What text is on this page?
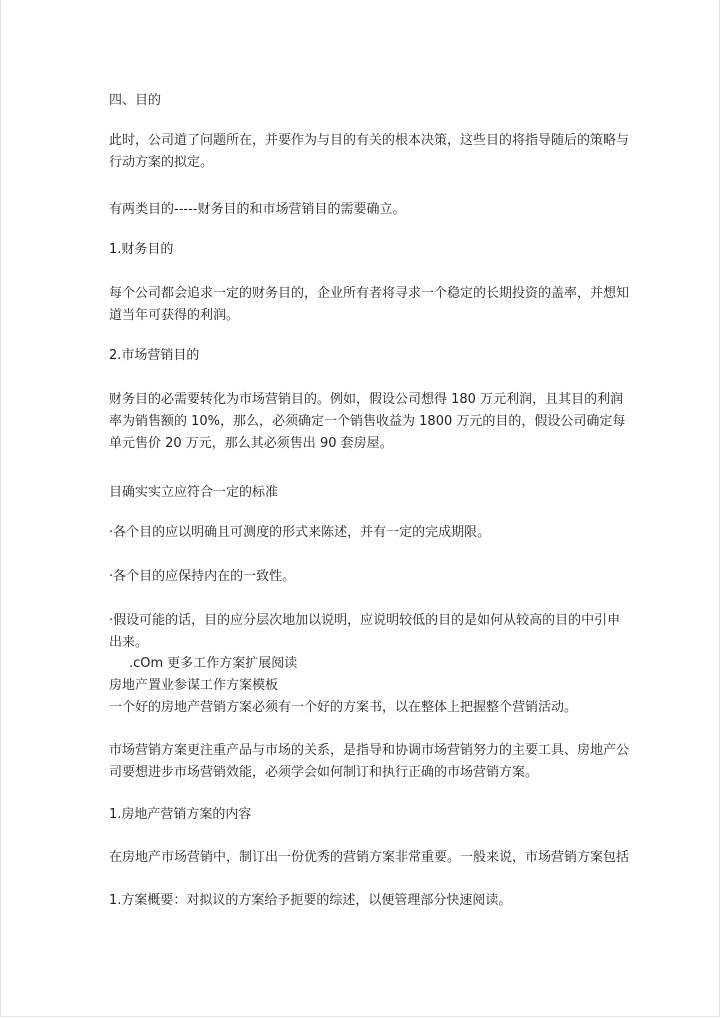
四、目的

此时，公司道了问题所在，并要作为与目的有关的根本决策，这些目的将指导随后的策略与行动方案的拟定。

有两类目的-----财务目的和市场营销目的需要确立。

1.财务目的

每个公司都会追求一定的财务目的，企业所有者将寻求一个稳定的长期投资的盖率，并想知道当年可获得的利润。

2.市场营销目的

财务目的必需要转化为市场营销目的。例如，假设公司想得 180 万元利润，且其目的利润率为销售额的 10%，那么，必须确定一个销售收益为 1800 万元的目的，假设公司确定每单元售价 20 万元，那么其必须售出 90 套房屋。

目确实实立应符合一定的标准

·各个目的应以明确且可测度的形式来陈述，并有一定的完成期限。

·各个目的应保持内在的一致性。

·假设可能的话，目的应分层次地加以说明，应说明较低的目的是如何从较高的目的中引申出来。

.cOm 更多工作方案扩展阅读

房地产置业参谋工作方案模板

一个好的房地产营销方案必须有一个好的方案书，以在整体上把握整个营销活动。

市场营销方案更注重产品与市场的关系，是指导和协调市场营销努力的主要工具、房地产公司要想进步市场营销效能，必须学会如何制订和执行正确的市场营销方案。

1.房地产营销方案的内容

在房地产市场营销中，制订出一份优秀的营销方案非常重要。一般来说，市场营销方案包括

1.方案概要：对拟议的方案给予扼要的综述，以便管理部分快速阅读。
